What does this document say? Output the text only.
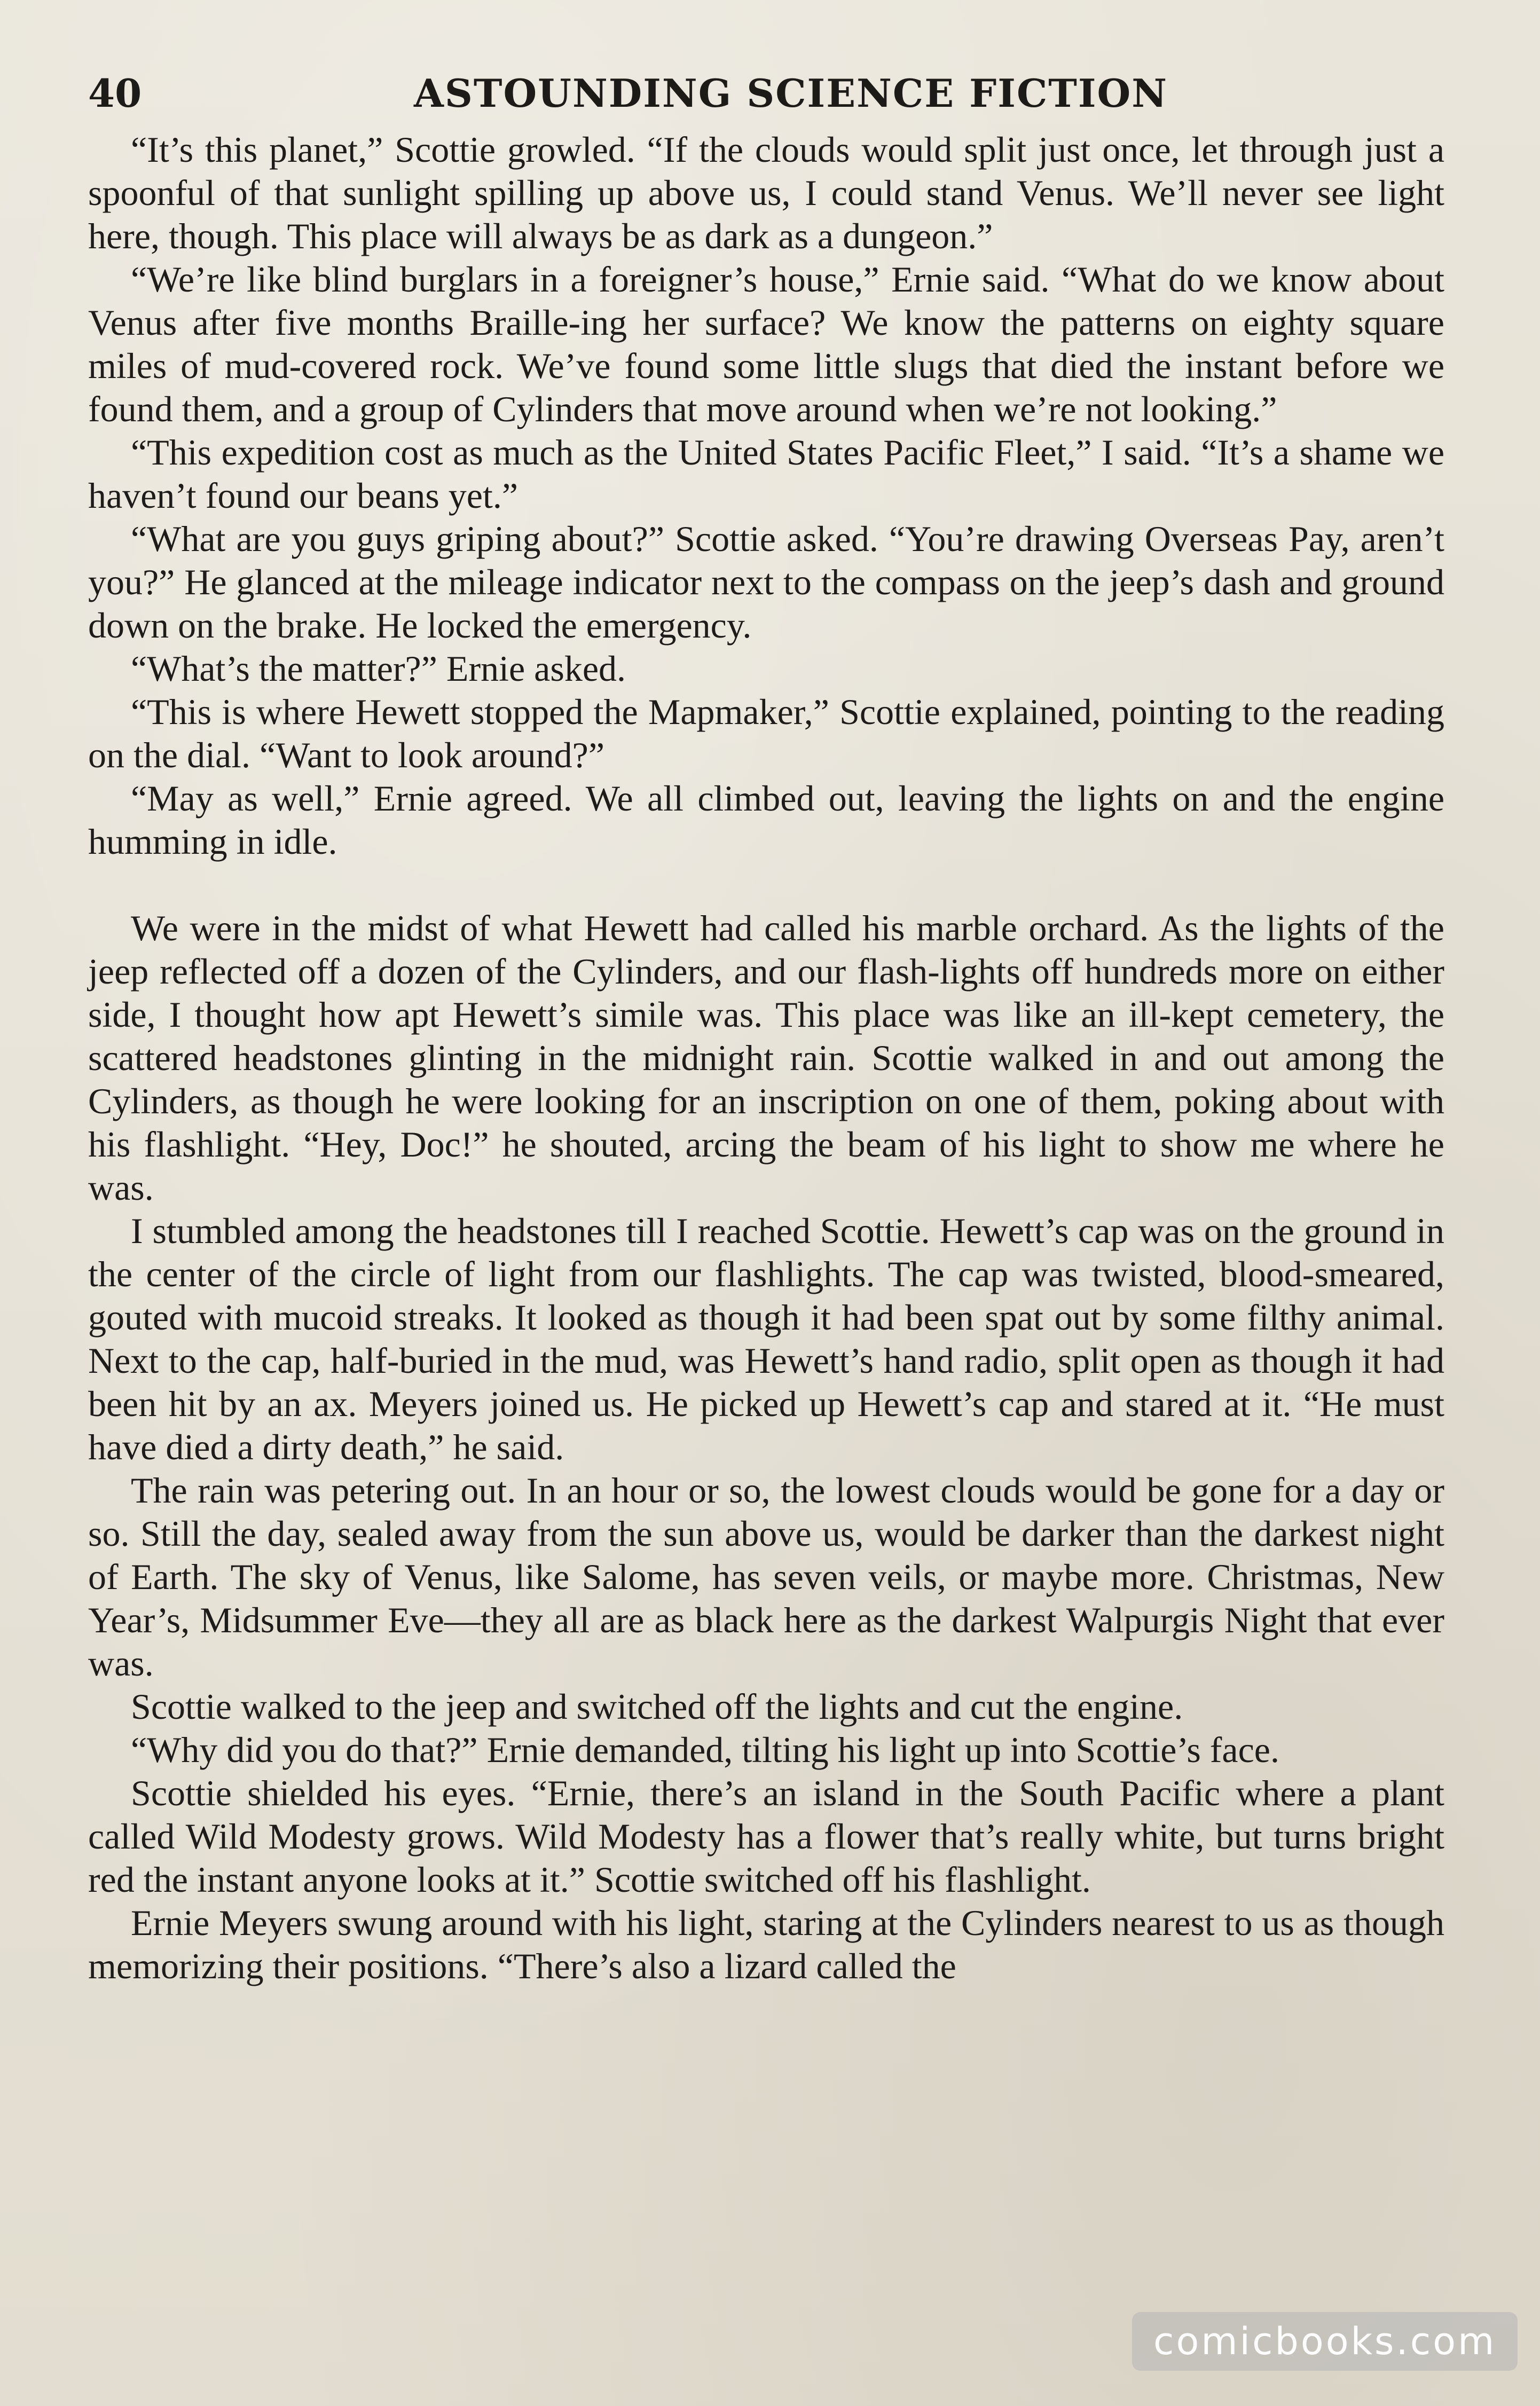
40	ASTOUNDING SCIENCE FICTION

“It’s this planet,” Scottie growled. “If the clouds would split just once, let through just a spoonful of that sunlight spilling up above us, I could stand Venus. We’ll never see light here, though. This place will always be as dark as a dungeon.”

“We’re like blind burglars in a foreigner’s house,” Ernie said. “What do we know about Venus after five months Braille-ing her surface? We know the patterns on eighty square miles of mud-covered rock. We’ve found some little slugs that died the instant before we found them, and a group of Cylinders that move around when we’re not looking.”

“This expedition cost as much as the United States Pacific Fleet,” I said. “It’s a shame we haven’t found our beans yet.”

“What are you guys griping about?” Scottie asked. “You’re drawing Overseas Pay, aren’t you?” He glanced at the mileage indicator next to the compass on the jeep’s dash and ground down on the brake. He locked the emergency.

“What’s the matter?” Ernie asked.

“This is where Hewett stopped the Mapmaker,” Scottie explained, pointing to the reading on the dial. “Want to look around?”

“May as well,” Ernie agreed. We all climbed out, leaving the lights on and the engine humming in idle.

We were in the midst of what Hewett had called his marble orchard. As the lights of the jeep reflected off a dozen of the Cylinders, and our flash-lights off hundreds more on either side, I thought how apt Hewett’s simile was. This place was like an ill-kept cemetery, the scattered headstones glinting in the midnight rain. Scottie walked in and out among the Cylinders, as though he were looking for an inscription on one of them, poking about with his flashlight. “Hey, Doc!” he shouted, arcing the beam of his light to show me where he was.

I stumbled among the headstones till I reached Scottie. Hewett’s cap was on the ground in the center of the circle of light from our flashlights. The cap was twisted, blood-smeared, gouted with mucoid streaks. It looked as though it had been spat out by some filthy animal. Next to the cap, half-buried in the mud, was Hewett’s hand radio, split open as though it had been hit by an ax. Meyers joined us. He picked up Hewett’s cap and stared at it. “He must have died a dirty death,” he said.

The rain was petering out. In an hour or so, the lowest clouds would be gone for a day or so. Still the day, sealed away from the sun above us, would be darker than the darkest night of Earth. The sky of Venus, like Salome, has seven veils, or maybe more. Christmas, New Year’s, Midsummer Eve—they all are as black here as the darkest Walpurgis Night that ever was.

Scottie walked to the jeep and switched off the lights and cut the engine.

“Why did you do that?” Ernie demanded, tilting his light up into Scottie’s face.

Scottie shielded his eyes. “Ernie, there’s an island in the South Pacific where a plant called Wild Modesty grows. Wild Modesty has a flower that’s really white, but turns bright red the instant anyone looks at it.” Scottie switched off his flashlight.

Ernie Meyers swung around with his light, staring at the Cylinders nearest to us as though memorizing their positions. “There’s also a lizard called the

comicbooks.com
